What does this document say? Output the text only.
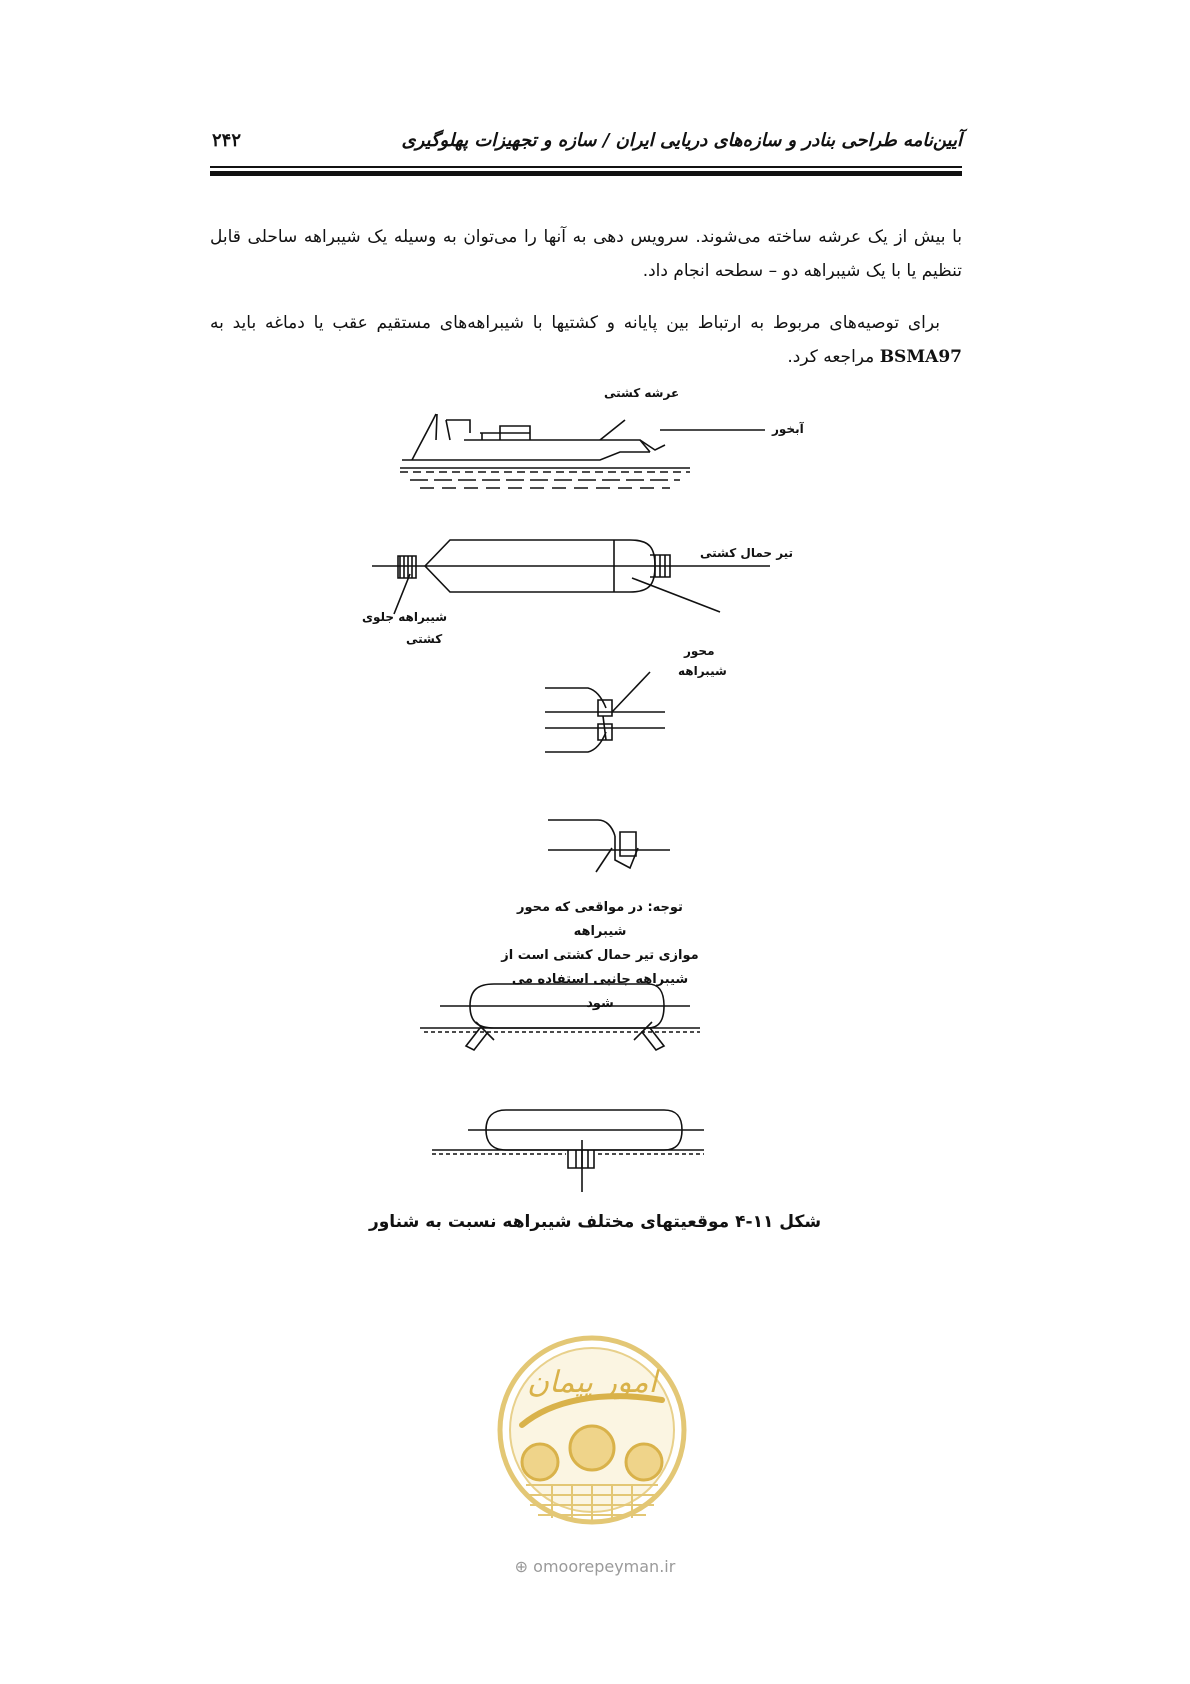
آیین‌نامه طراحی بنادر و سازه‌های دریایی ایران / سازه و تجهیزات پهلوگیری
۲۴۲
با بیش از یک عرشه ساخته می‌شوند. سرویس دهی به آنها را می‌توان به وسیله یک شیبراهه ساحلی قابل تنظیم یا با یک شیبراهه دو – سطحه انجام داد.
برای توصیه‌های مربوط به ارتباط بین پایانه و کشتیها با شیبراهه‌های مستقیم عقب یا دماغه باید به BSMA97 مراجعه کرد.
عرشه کشتی
آبخور
تیر حمال کشتی
شیبراهه جلوی
کشتی
محور
شیبراهه
توجه: در مواقعی که محور شیبراهه
موازی تیر حمال کشتی است از
شیبراهه جانبی استفاده می شود
شکل ۱۱-۴ موقعیتهای مختلف شیبراهه نسبت به شناور
امور پیمان
⊕ omoorepeyman.ir
